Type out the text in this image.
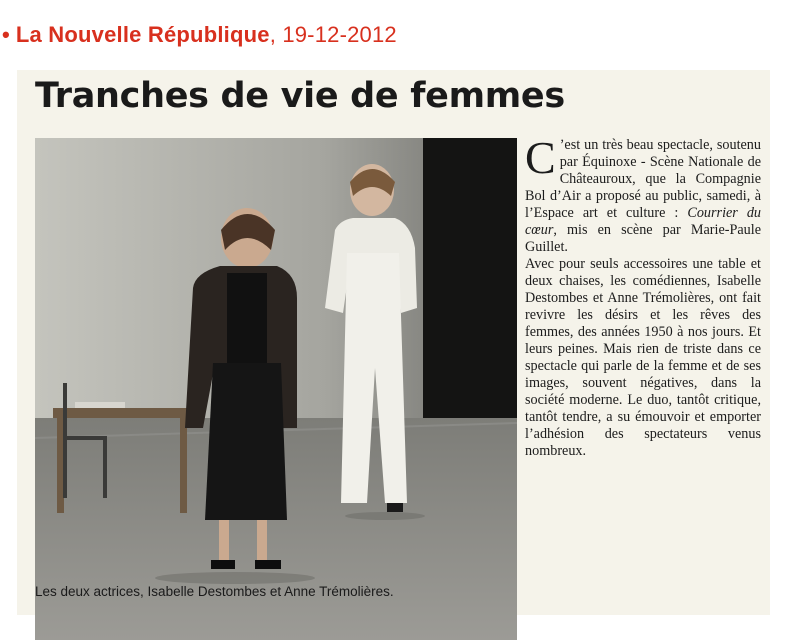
• La Nouvelle République, 19-12-2012
Tranches de vie de femmes

Les deux actrices, Isabelle Destombes et Anne Trémolières.

C ’est un très beau spectacle, soutenu par Équinoxe - Scène Nationale de Châteauroux, que la Compagnie Bol d’Air a proposé au public, samedi, à l’Espace art et culture : Courrier du cœur, mis en scène par Marie-Paule Guillet.

Avec pour seuls accessoires une table et deux chaises, les comédiennes, Isabelle Destombes et Anne Trémolières, ont fait revivre les désirs et les rêves des femmes, des années 1950 à nos jours. Et leurs peines. Mais rien de triste dans ce spectacle qui parle de la femme et de ses images, souvent négatives, dans la société moderne. Le duo, tantôt critique, tantôt tendre, a su émouvoir et emporter l’adhésion des spectateurs venus nombreux.
